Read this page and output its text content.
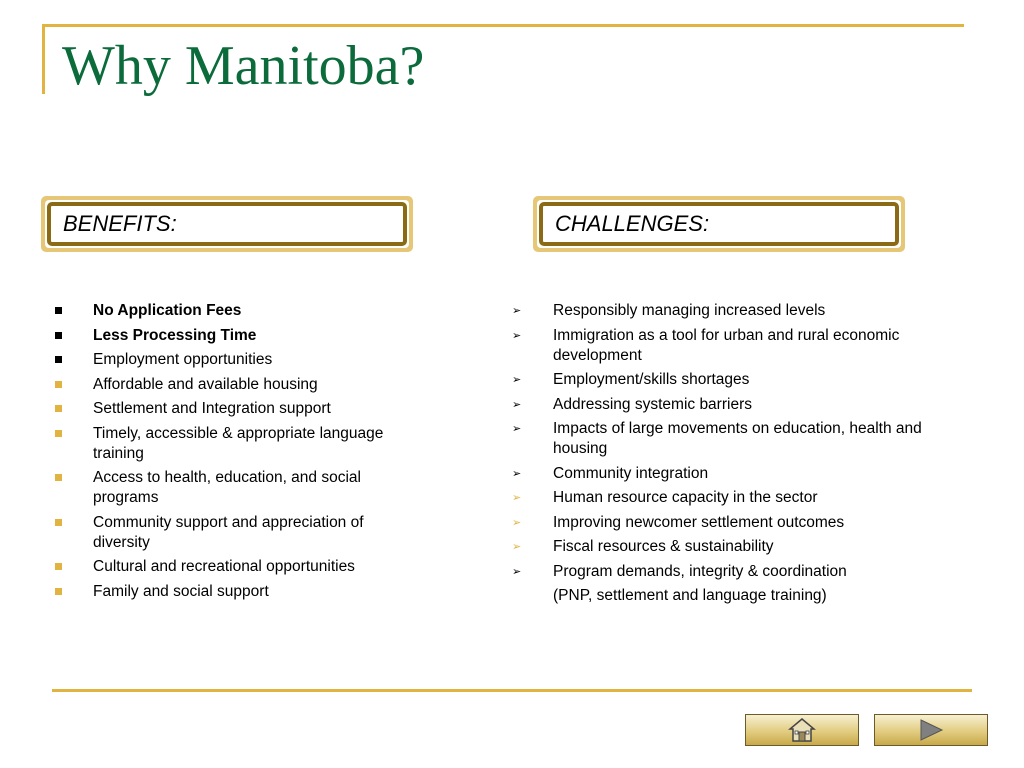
Why Manitoba?
BENEFITS:	CHALLENGES:
No Application Fees
Less Processing Time
Employment opportunities
Affordable and available housing
Settlement and Integration support
Timely, accessible & appropriate language training
Access to health, education, and social programs
Community support and appreciation of diversity
Cultural and recreational opportunities
Family and social support
➢ Responsibly managing increased levels
➢ Immigration as a tool for urban and rural economic development
➢ Employment/skills shortages
➢ Addressing systemic barriers
➢ Impacts of large movements on education, health and housing
➢ Community integration
➢ Human resource capacity in the sector
➢ Improving newcomer settlement outcomes
➢ Fiscal resources & sustainability
➢ Program demands, integrity & coordination
(PNP, settlement and language training)
